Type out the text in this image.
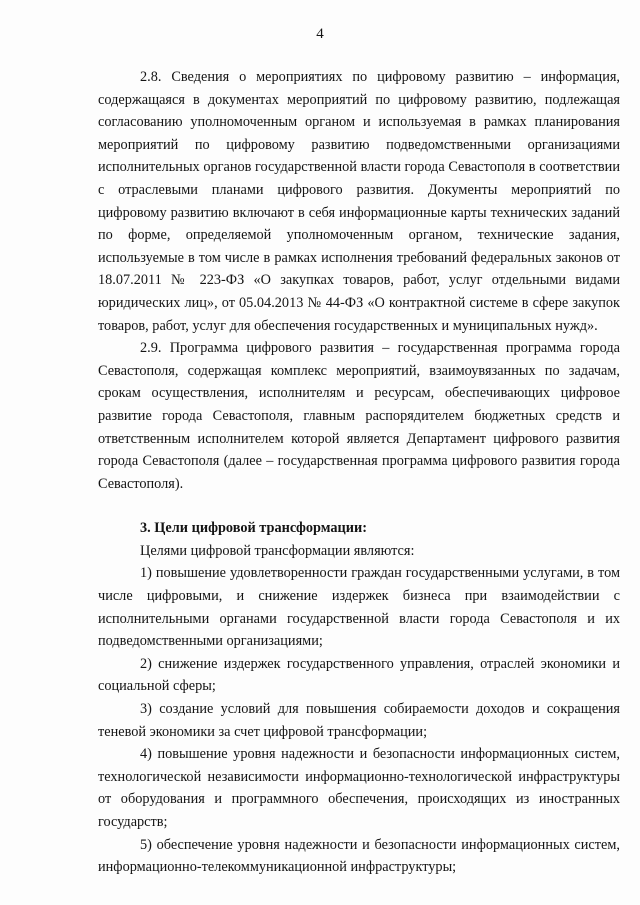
4

2.8. Сведения о мероприятиях по цифровому развитию – информация, содержащаяся в документах мероприятий по цифровому развитию, подлежащая согласованию уполномоченным органом и используемая в рамках планирования мероприятий по цифровому развитию подведомственными организациями исполнительных органов государственной власти города Севастополя в соответствии с отраслевыми планами цифрового развития. Документы мероприятий по цифровому развитию включают в себя информационные карты технических заданий по форме, определяемой уполномоченным органом, технические задания, используемые в том числе в рамках исполнения требований федеральных законов от 18.07.2011 № 223-ФЗ «О закупках товаров, работ, услуг отдельными видами юридических лиц», от 05.04.2013 № 44-ФЗ «О контрактной системе в сфере закупок товаров, работ, услуг для обеспечения государственных и муниципальных нужд».

2.9. Программа цифрового развития – государственная программа города Севастополя, содержащая комплекс мероприятий, взаимоувязанных по задачам, срокам осуществления, исполнителям и ресурсам, обеспечивающих цифровое развитие города Севастополя, главным распорядителем бюджетных средств и ответственным исполнителем которой является Департамент цифрового развития города Севастополя (далее – государственная программа цифрового развития города Севастополя).

3. Цели цифровой трансформации:

Целями цифровой трансформации являются:

1) повышение удовлетворенности граждан государственными услугами, в том числе цифровыми, и снижение издержек бизнеса при взаимодействии с исполнительными органами государственной власти города Севастополя и их подведомственными организациями;

2) снижение издержек государственного управления, отраслей экономики и социальной сферы;

3) создание условий для повышения собираемости доходов и сокращения теневой экономики за счет цифровой трансформации;

4) повышение уровня надежности и безопасности информационных систем, технологической независимости информационно-технологической инфраструктуры от оборудования и программного обеспечения, происходящих из иностранных государств;

5) обеспечение уровня надежности и безопасности информационных систем, информационно-телекоммуникационной инфраструктуры;
